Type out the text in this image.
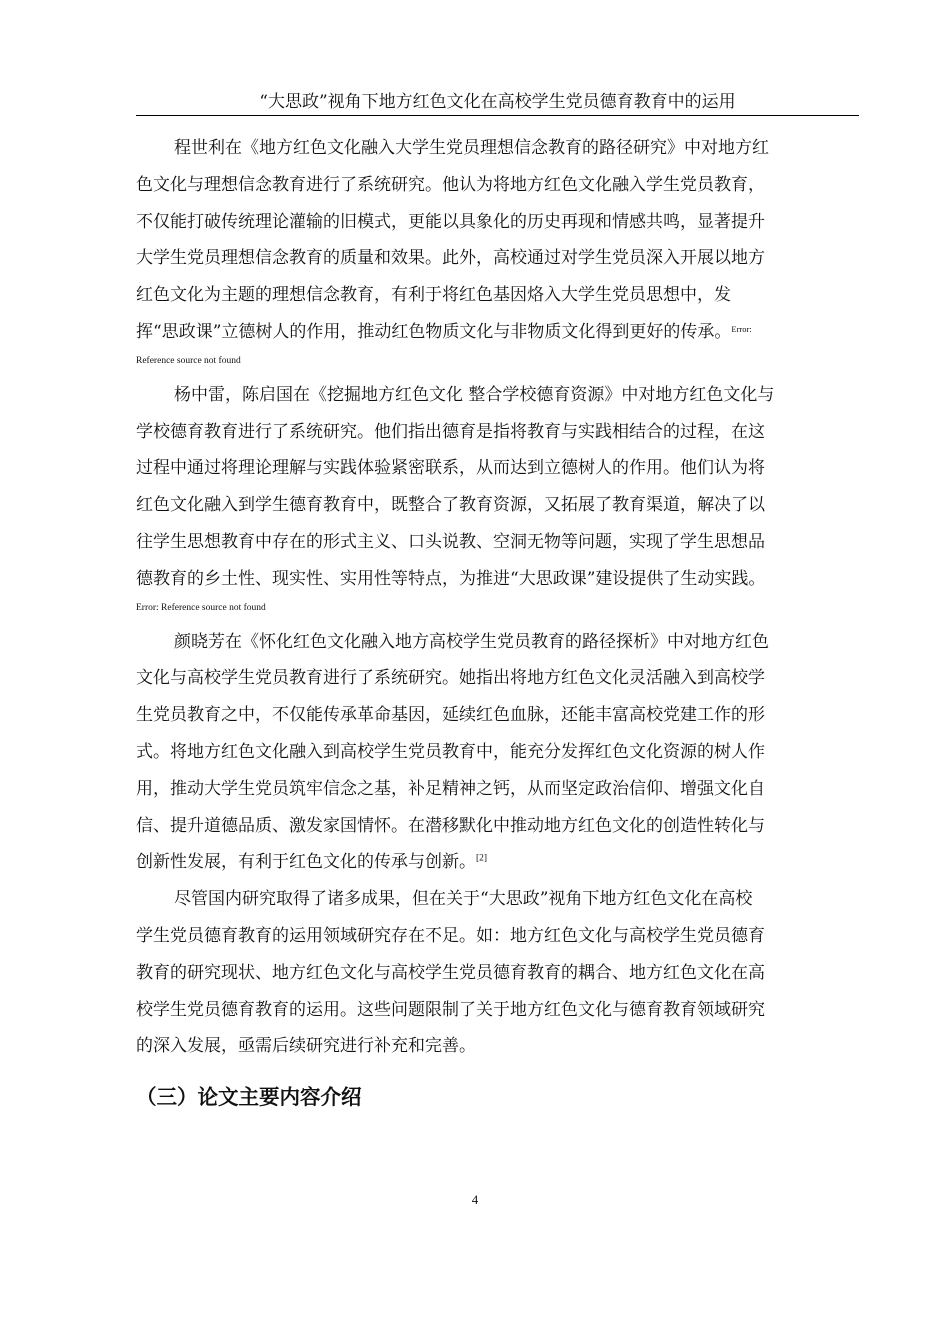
“大思政”视角下地方红色文化在高校学生党员德育教育中的运用
程世利在《地方红色文化融入大学生党员理想信念教育的路径研究》中对地方红
色文化与理想信念教育进行了系统研究。他认为将地方红色文化融入学生党员教育，
不仅能打破传统理论灌输的旧模式，更能以具象化的历史再现和情感共鸣，显著提升
大学生党员理想信念教育的质量和效果。此外，高校通过对学生党员深入开展以地方
红色文化为主题的理想信念教育，有利于将红色基因烙入大学生党员思想中，发
挥“思政课”立德树人的作用，推动红色物质文化与非物质文化得到更好的传承。$^{Error:}$

Reference source not found

杨中雷，陈启国在《挖掘地方红色文化 整合学校德育资源》中对地方红色文化与
学校德育教育进行了系统研究。他们指出德育是指将教育与实践相结合的过程，在这
过程中通过将理论理解与实践体验紧密联系，从而达到立德树人的作用。他们认为将
红色文化融入到学生德育教育中，既整合了教育资源，又拓展了教育渠道，解决了以
往学生思想教育中存在的形式主义、口头说教、空洞无物等问题，实现了学生思想品
德教育的乡土性、现实性、实用性等特点，为推进“大思政课”建设提供了生动实践。

Error: Reference source not found

颜晓芳在《怀化红色文化融入地方高校学生党员教育的路径探析》中对地方红色
文化与高校学生党员教育进行了系统研究。她指出将地方红色文化灵活融入到高校学
生党员教育之中，不仅能传承革命基因，延续红色血脉，还能丰富高校党建工作的形
式。将地方红色文化融入到高校学生党员教育中，能充分发挥红色文化资源的树人作
用，推动大学生党员筑牢信念之基，补足精神之钙，从而坚定政治信仰、增强文化自
信、提升道德品质、激发家国情怀。在潜移默化中推动地方红色文化的创造性转化与
创新性发展，有利于红色文化的传承与创新。[2]
尽管国内研究取得了诸多成果，但在关于“大思政”视角下地方红色文化在高校
学生党员德育教育的运用领域研究存在不足。如：地方红色文化与高校学生党员德育
教育的研究现状、地方红色文化与高校学生党员德育教育的耦合、地方红色文化在高
校学生党员德育教育的运用。这些问题限制了关于地方红色文化与德育教育领域研究
的深入发展，亟需后续研究进行补充和完善。
（三）论文主要内容介绍
4
